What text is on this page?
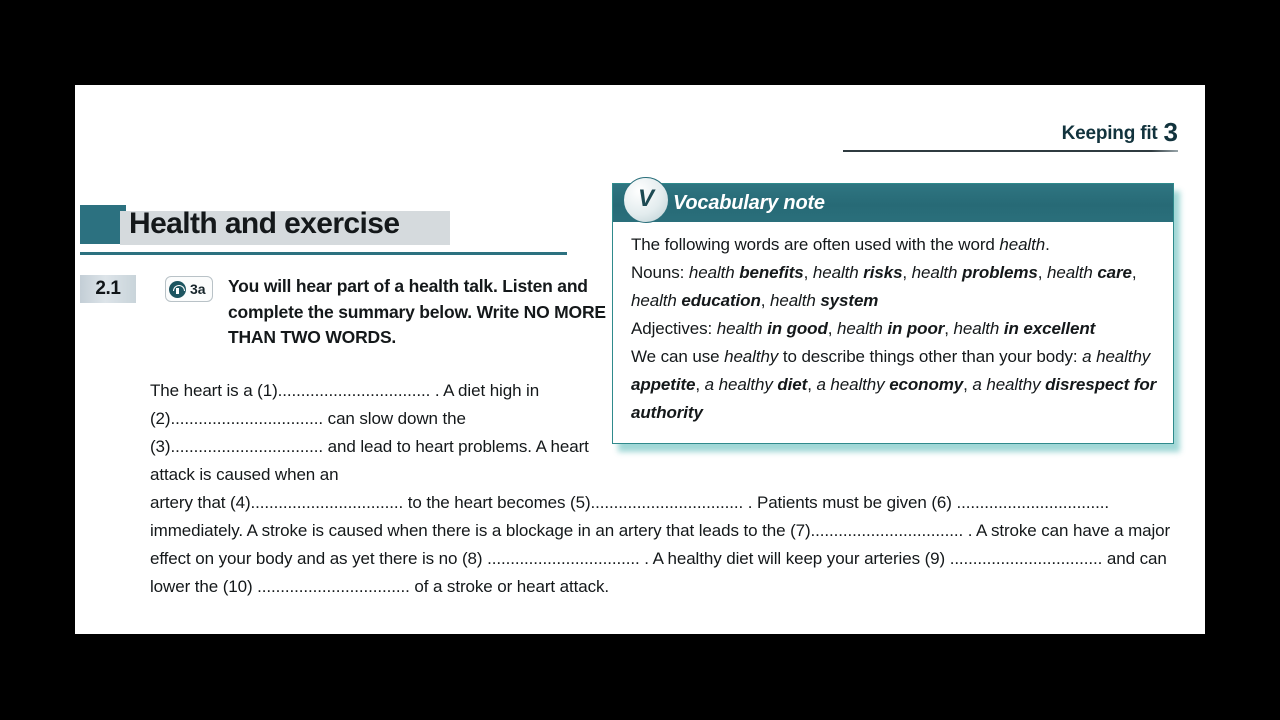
Keeping fit 3
Health and exercise
2.1	3a You will hear part of a health talk. Listen and complete the summary below. Write NO MORE THAN TWO WORDS.
The heart is a (1)................................. . A diet high in (2)................................. can slow down the (3)................................. and lead to heart problems. A heart attack is caused when an
artery that (4)................................. to the heart becomes (5)................................. . Patients must be given (6) ................................. immediately. A stroke is caused when there is a blockage in an artery that leads to the (7)................................. . A stroke can have a major effect on your body and as yet there is no (8) ................................. . A healthy diet will keep your arteries (9) ................................. and can lower the (10) ................................. of a stroke or heart attack.
Vocabulary note
V
The following words are often used with the word health.
Nouns: health benefits, health risks, health problems, health care, health education, health system
Adjectives: health in good, health in poor, health in excellent
We can use healthy to describe things other than your body: a healthy appetite, a healthy diet, a healthy economy, a healthy disrespect for authority
